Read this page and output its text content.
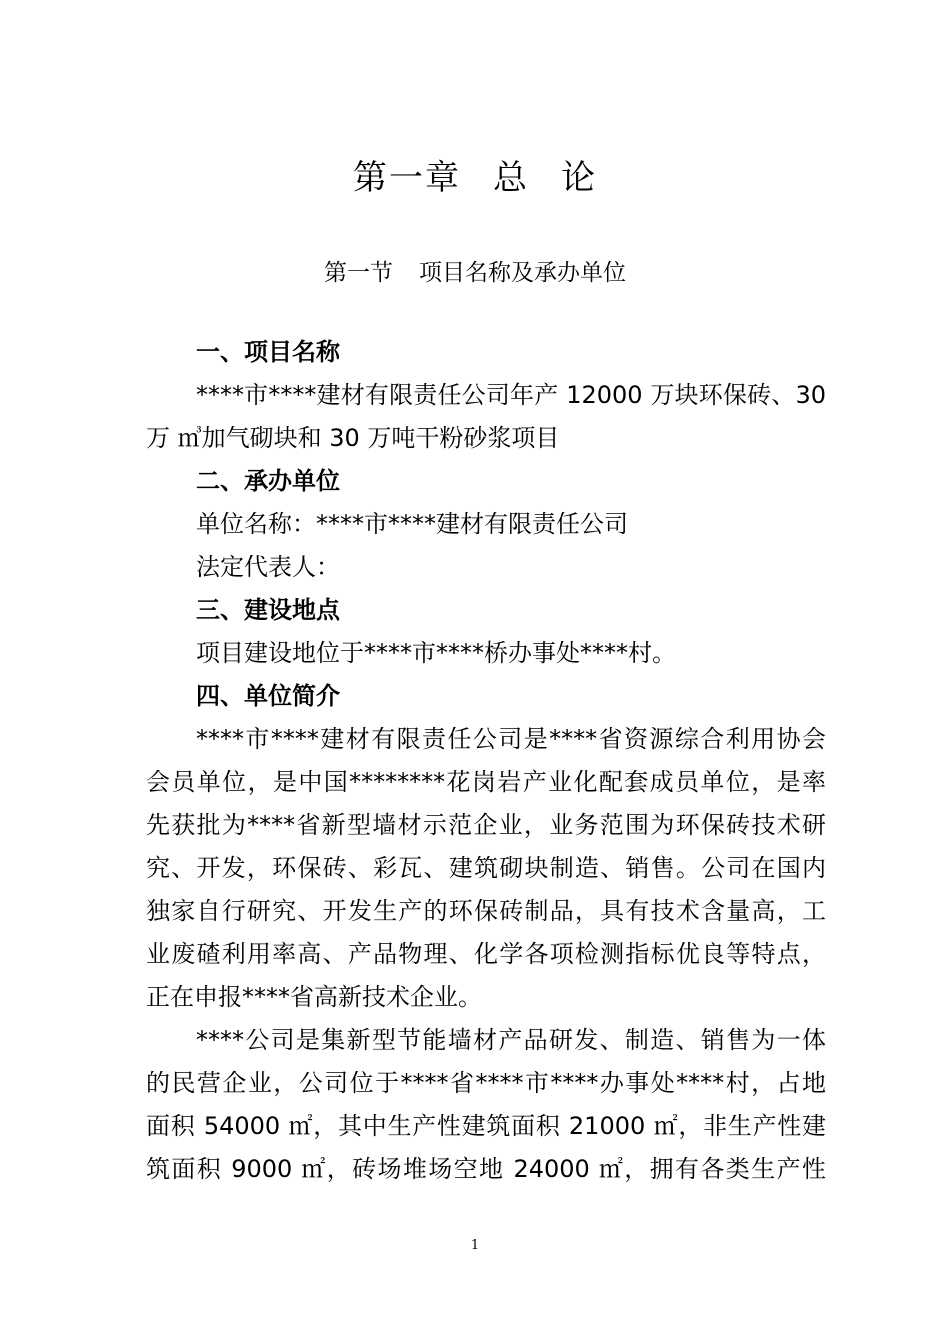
第一章 总 论
第一节 项目名称及承办单位
一、项目名称
****市****建材有限责任公司年产 12000 万块环保砖、30
万 ㎥加气砌块和 30 万吨干粉砂浆项目
二、承办单位
单位名称：****市****建材有限责任公司
法定代表人：
三、建设地点
项目建设地位于****市****桥办事处****村。
四、单位简介
****市****建材有限责任公司是****省资源综合利用协会
会员单位，是中国********花岗岩产业化配套成员单位，是率
先获批为****省新型墙材示范企业，业务范围为环保砖技术研
究、开发，环保砖、彩瓦、建筑砌块制造、销售。公司在国内
独家自行研究、开发生产的环保砖制品，具有技术含量高，工
业废碴利用率高、产品物理、化学各项检测指标优良等特点，
正在申报****省高新技术企业。
****公司是集新型节能墙材产品研发、制造、销售为一体
的民营企业，公司位于****省****市****办事处****村，占地
面积 54000 ㎡，其中生产性建筑面积 21000 ㎡，非生产性建
筑面积 9000 ㎡，砖场堆场空地 24000 ㎡，拥有各类生产性
1
